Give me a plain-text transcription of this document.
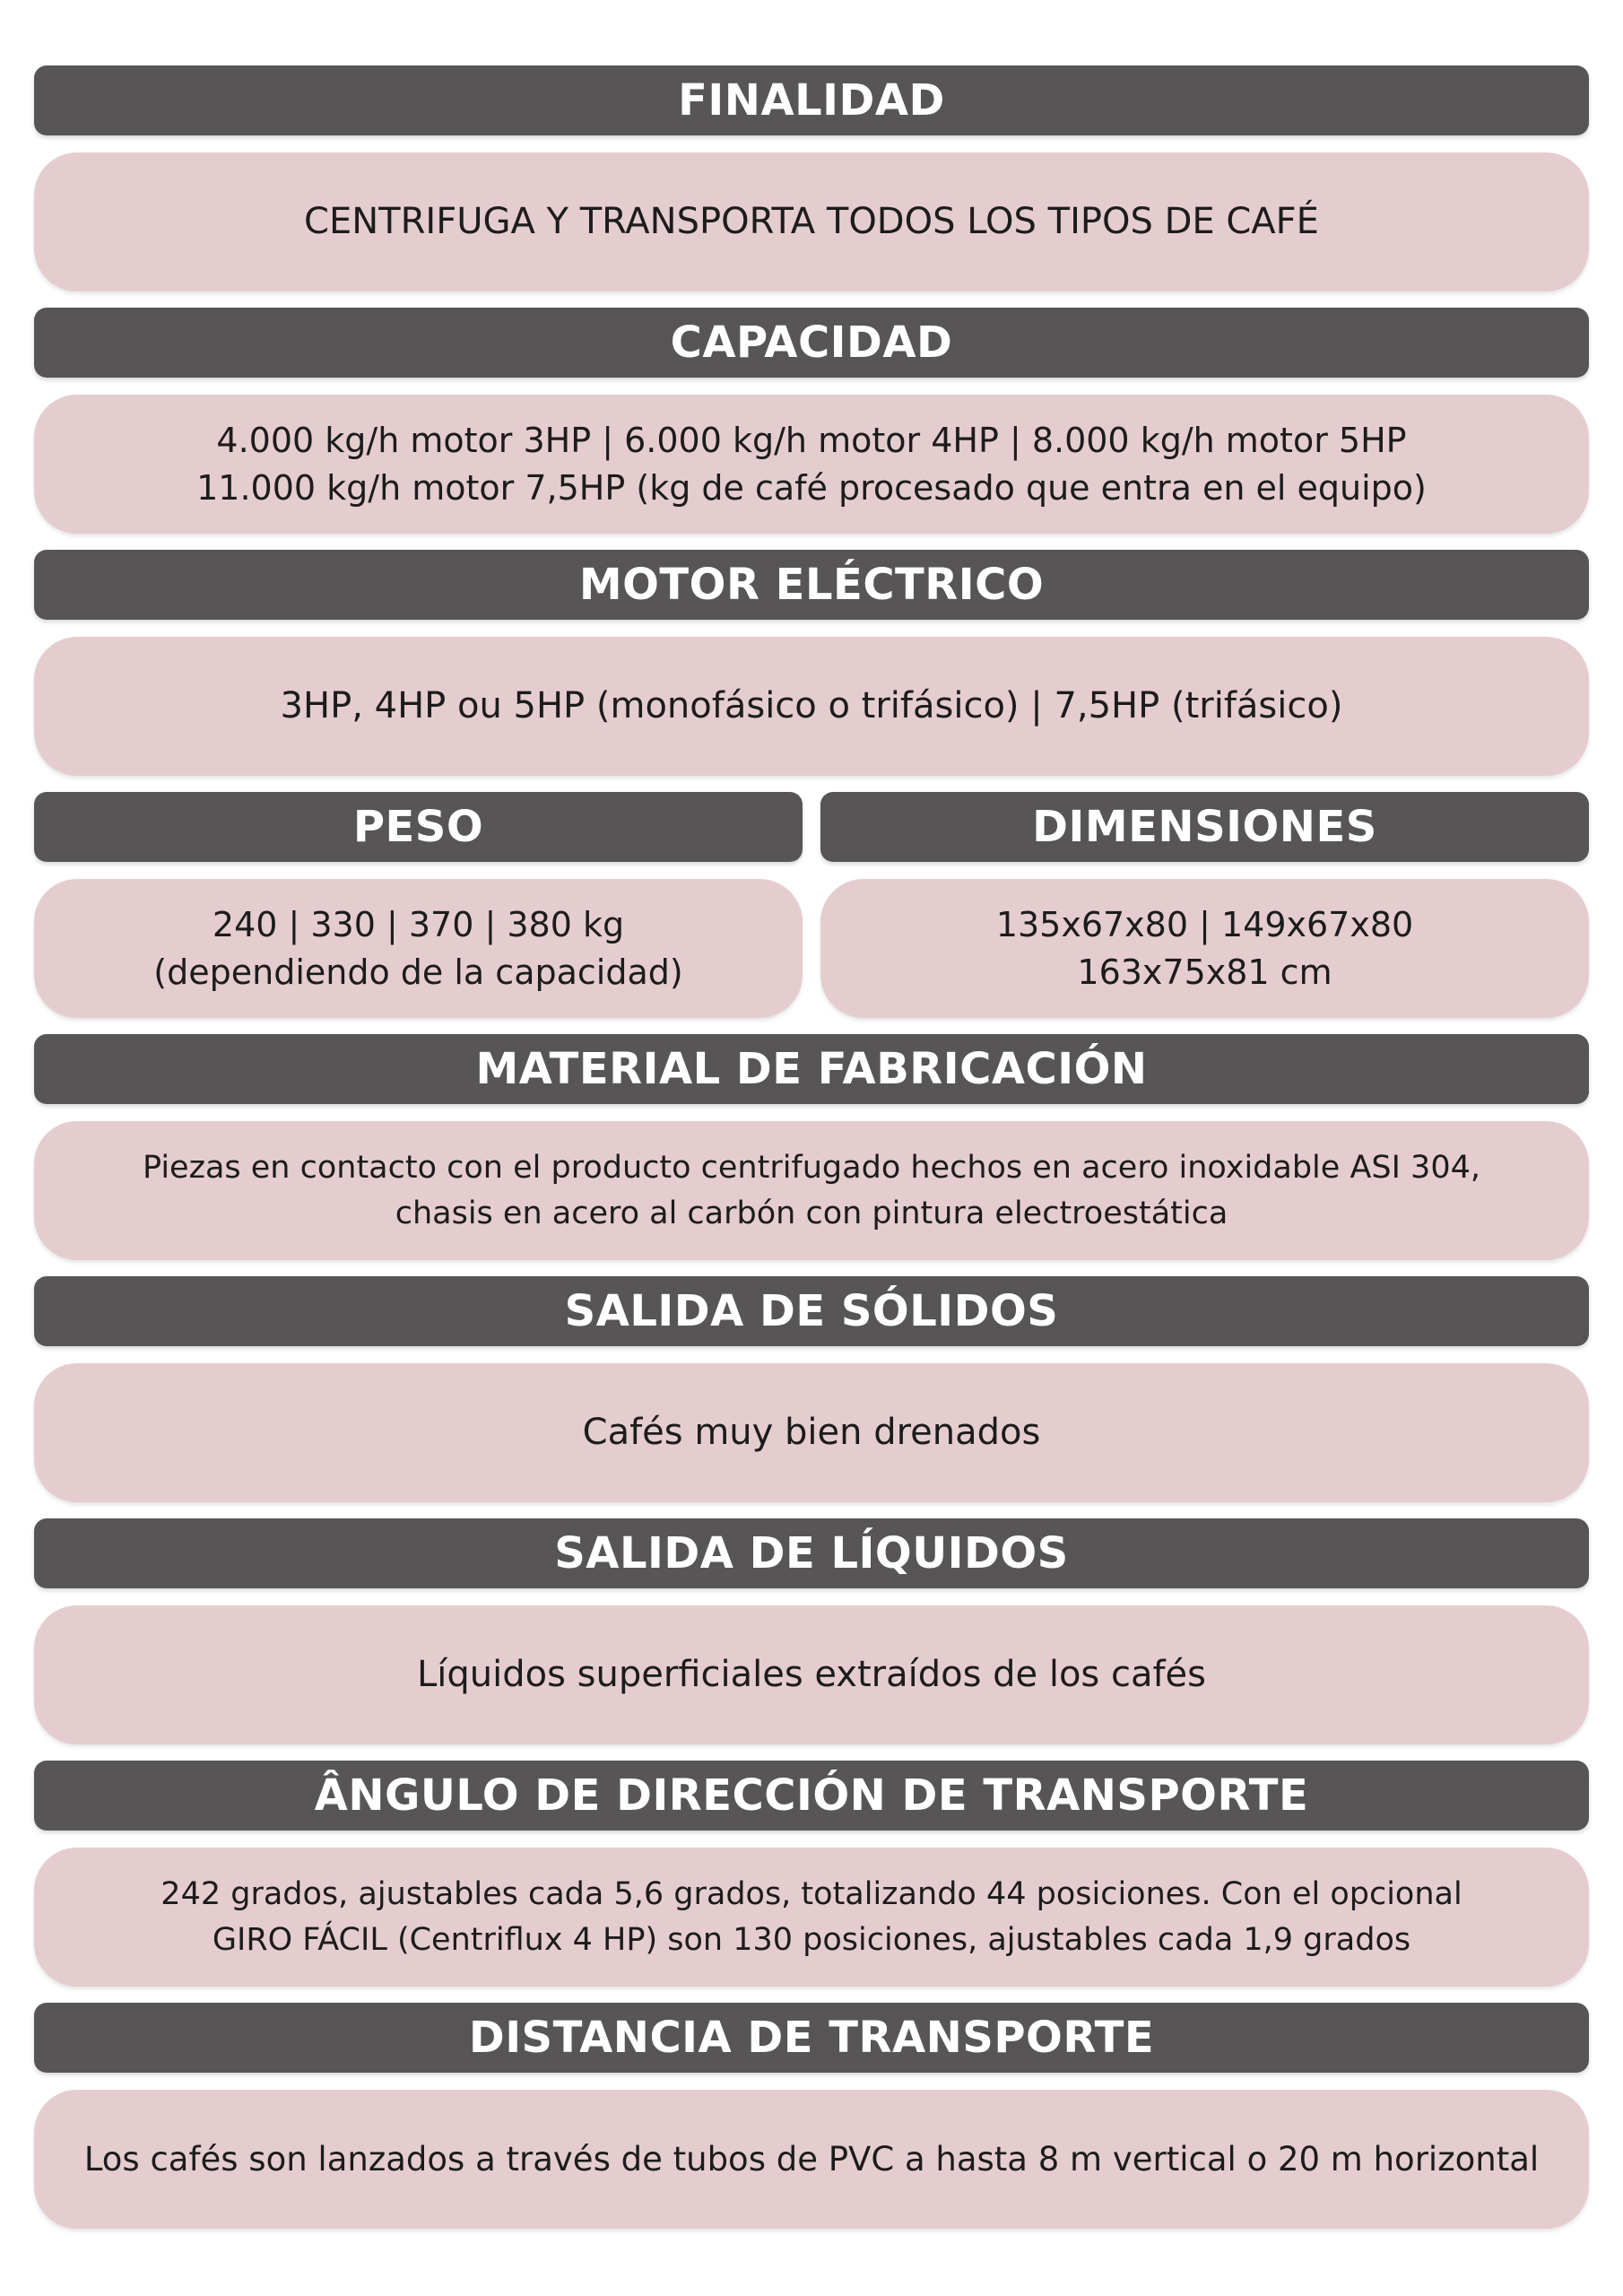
FINALIDAD
CENTRIFUGA Y TRANSPORTA TODOS LOS TIPOS DE CAFÉ
CAPACIDAD
4.000 kg/h motor 3HP | 6.000 kg/h motor 4HP | 8.000 kg/h motor 5HP
11.000 kg/h motor 7,5HP (kg de café procesado que entra en el equipo)
MOTOR ELÉCTRICO
3HP, 4HP ou 5HP (monofásico o trifásico) | 7,5HP (trifásico)
PESO
240 | 330 | 370 | 380 kg
(dependiendo de la capacidad)
DIMENSIONES
135x67x80 | 149x67x80
163x75x81 cm
MATERIAL DE FABRICACIÓN
Piezas en contacto con el producto centrifugado hechos en acero inoxidable ASI 304,
chasis en acero al carbón con pintura electroestática
SALIDA DE SÓLIDOS
Cafés muy bien drenados
SALIDA DE LÍQUIDOS
Líquidos superficiales extraídos de los cafés
ÂNGULO DE DIRECCIÓN DE TRANSPORTE
242 grados, ajustables cada 5,6 grados, totalizando 44 posiciones. Con el opcional
GIRO FÁCIL (Centriflux 4 HP) son 130 posiciones, ajustables cada 1,9 grados
DISTANCIA DE TRANSPORTE
Los cafés son lanzados a través de tubos de PVC a hasta 8 m vertical o 20 m horizontal
